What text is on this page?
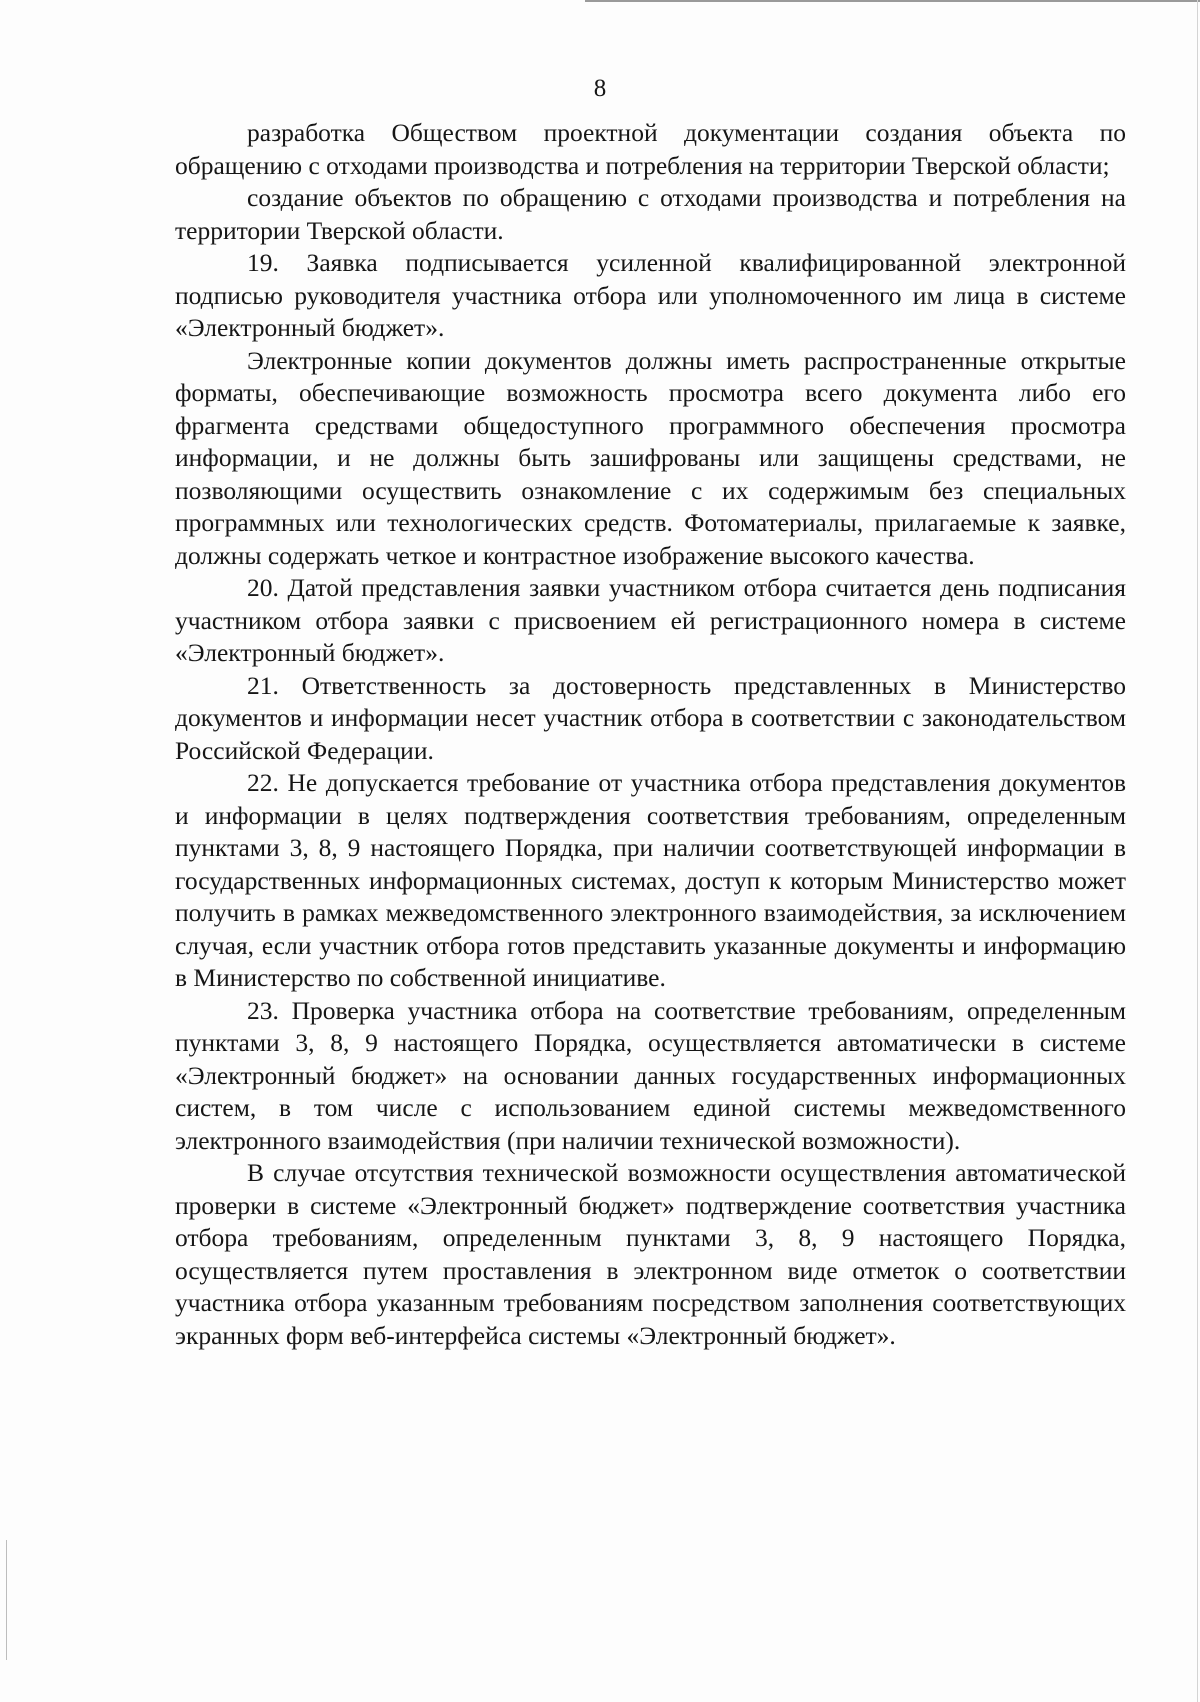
8

разработка Обществом проектной документации создания объекта по обращению с отходами производства и потребления на территории Тверской области;

создание объектов по обращению с отходами производства и потребления на территории Тверской области.

19. Заявка подписывается усиленной квалифицированной электронной подписью руководителя участника отбора или уполномоченного им лица в системе «Электронный бюджет».

Электронные копии документов должны иметь распространенные открытые форматы, обеспечивающие возможность просмотра всего документа либо его фрагмента средствами общедоступного программного обеспечения просмотра информации, и не должны быть зашифрованы или защищены средствами, не позволяющими осуществить ознакомление с их содержимым без специальных программных или технологических средств. Фотоматериалы, прилагаемые к заявке, должны содержать четкое и контрастное изображение высокого качества.

20. Датой представления заявки участником отбора считается день подписания участником отбора заявки с присвоением ей регистрационного номера в системе «Электронный бюджет».

21. Ответственность за достоверность представленных в Министерство документов и информации несет участник отбора в соответствии с законодательством Российской Федерации.

22. Не допускается требование от участника отбора представления документов и информации в целях подтверждения соответствия требованиям, определенным пунктами 3, 8, 9 настоящего Порядка, при наличии соответствующей информации в государственных информационных системах, доступ к которым Министерство может получить в рамках межведомственного электронного взаимодействия, за исключением случая, если участник отбора готов представить указанные документы и информацию в Министерство по собственной инициативе.

23. Проверка участника отбора на соответствие требованиям, определенным пунктами 3, 8, 9 настоящего Порядка, осуществляется автоматически в системе «Электронный бюджет» на основании данных государственных информационных систем, в том числе с использованием единой системы межведомственного электронного взаимодействия (при наличии технической возможности).

В случае отсутствия технической возможности осуществления автоматической проверки в системе «Электронный бюджет» подтверждение соответствия участника отбора требованиям, определенным пунктами 3, 8, 9 настоящего Порядка, осуществляется путем проставления в электронном виде отметок о соответствии участника отбора указанным требованиям посредством заполнения соответствующих экранных форм веб-интерфейса системы «Электронный бюджет».
